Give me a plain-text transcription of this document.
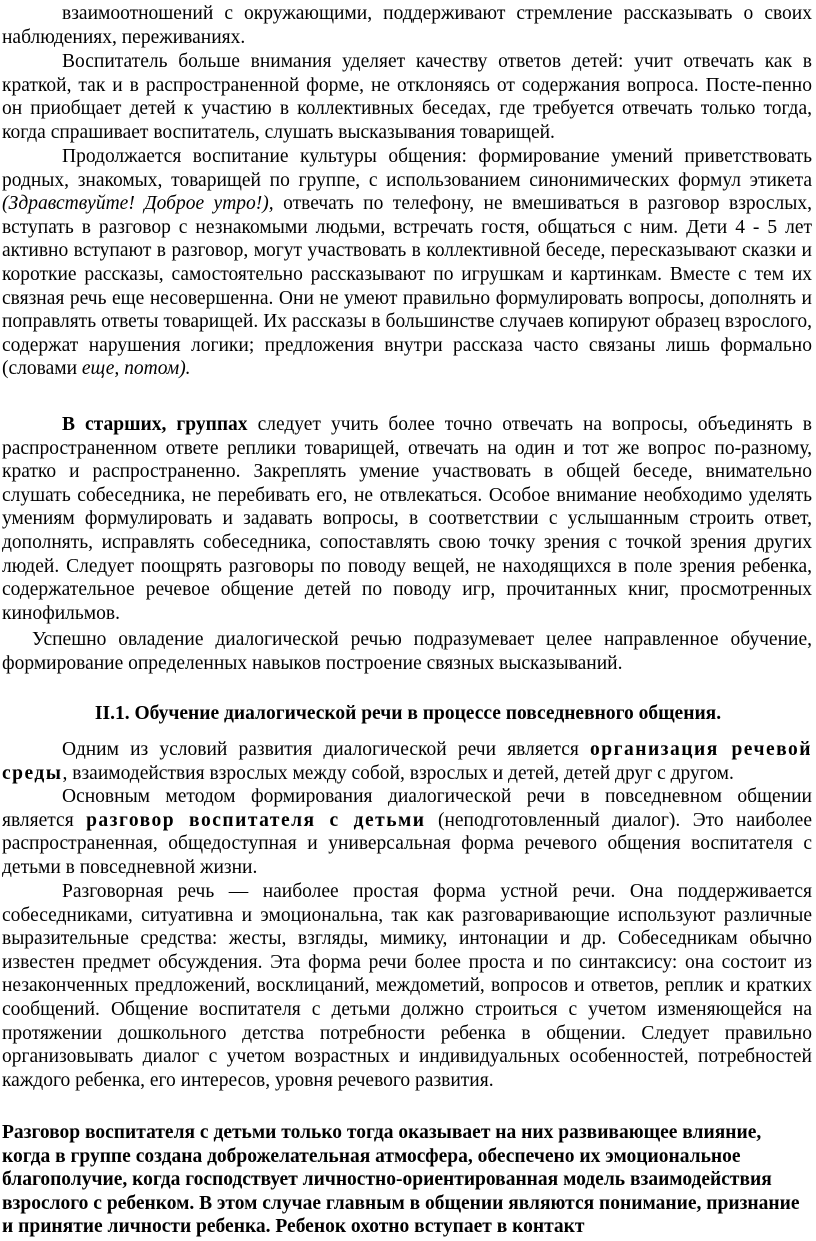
взаимоотношений с окружающими, поддерживают стремление рассказывать о своих наблюдениях, переживаниях.

Воспитатель больше внимания уделяет качеству ответов детей: учит отвечать как в краткой, так и в распространенной форме, не отклоняясь от содержания вопроса. Посте-пенно он приобщает детей к участию в коллективных беседах, где требуется отвечать только тогда, когда спрашивает воспитатель, слушать высказывания товарищей.

Продолжается воспитание культуры общения: формирование умений приветствовать родных, знакомых, товарищей по группе, с использованием синонимических формул этикета (Здравствуйте! Доброе утро!), отвечать по телефону, не вмешиваться в разговор взрослых, вступать в разговор с незнакомыми людьми, встречать гостя, общаться с ним. Дети 4 - 5 лет активно вступают в разговор, могут участвовать в коллективной беседе, пересказывают сказки и короткие рассказы, самостоятельно рассказывают по игрушкам и картинкам. Вместе с тем их связная речь еще несовершенна. Они не умеют правильно формулировать вопросы, дополнять и поправлять ответы товарищей. Их рассказы в большинстве случаев копируют образец взрослого, содержат нарушения логики; предложения внутри рассказа часто связаны лишь формально (словами еще, потом).

В старших, группах следует учить более точно отвечать на вопросы, объединять в распространенном ответе реплики товарищей, отвечать на один и тот же вопрос по-разному, кратко и распространенно. Закреплять умение участвовать в общей беседе, внимательно слушать собеседника, не перебивать его, не отвлекаться. Особое внимание необходимо уделять умениям формулировать и задавать вопросы, в соответствии с услышанным строить ответ, дополнять, исправлять собеседника, сопоставлять свою точку зрения с точкой зрения других людей. Следует поощрять разговоры по поводу вещей, не находящихся в поле зрения ребенка, содержательное речевое общение детей по поводу игр, прочитанных книг, просмотренных кинофильмов.

Успешно овладение диалогической речью подразумевает целее направленное обучение, формирование определенных навыков построение связных высказываний.

II.1. Обучение диалогической речи в процессе повседневного общения.

Одним из условий развития диалогической речи является организация речевой среды, взаимодействия взрослых между собой, взрослых и детей, детей друг с другом.

Основным методом формирования диалогической речи в повседневном общении является разговор воспитателя с детьми (неподготовленный диалог). Это наиболее распространенная, общедоступная и универсальная форма речевого общения воспитателя с детьми в повседневной жизни.

Разговорная речь — наиболее простая форма устной речи. Она поддерживается собеседниками, ситуативна и эмоциональна, так как разговаривающие используют различные выразительные средства: жесты, взгляды, мимику, интонации и др. Собеседникам обычно известен предмет обсуждения. Эта форма речи более проста и по синтаксису: она состоит из незаконченных предложений, восклицаний, междометий, вопросов и ответов, реплик и кратких сообщений. Общение воспитателя с детьми должно строиться с учетом изменяющейся на протяжении дошкольного детства потребности ребенка в общении. Следует правильно организовывать диалог с учетом возрастных и индивидуальных особенностей, потребностей каждого ребенка, его интересов, уровня речевого развития.

Разговор воспитателя с детьми только тогда оказывает на них развивающее влияние, когда в группе создана доброжелательная атмосфера, обеспечено их эмоциональное благополучие, когда господствует личностно-ориентированная модель взаимодействия взрослого с ребенком. В этом случае главным в общении являются понимание, признание и принятие личности ребенка. Ребенок охотно вступает в контакт
